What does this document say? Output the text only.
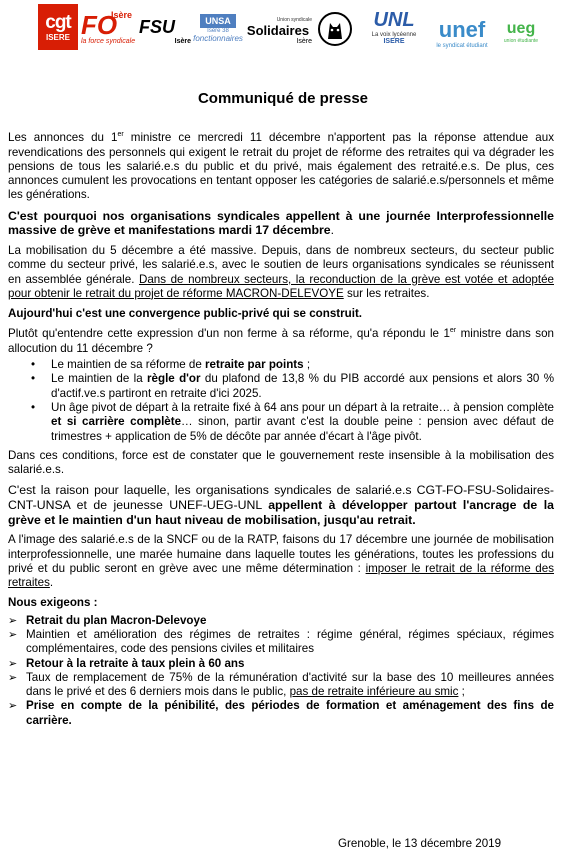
cgt
ISERE FO
Isère
la force syndicale
FSU
Isère
UNSA
Isère 38
fonctionnaires
Union syndicale
Solidaires
Isère
UNL
La voix lycéenne
ISERE unef
le syndicat étudiant
ueg
union étudiante
Communiqué de presse

Les annonces du 1er ministre ce mercredi 11 décembre n'apportent pas la réponse attendue aux revendications des personnels qui exigent le retrait du projet de réforme des retraites qui va dégrader les pensions de tous les salarié.e.s du public et du privé, mais également des retraité.e.s. De plus, ces annonces cumulent les provocations en tentant opposer les catégories de salarié.e.s/personnels et même les générations.

C'est pourquoi nos organisations syndicales appellent à une journée Interprofessionnelle massive de grève et manifestations mardi 17 décembre.

La mobilisation du 5 décembre a été massive. Depuis, dans de nombreux secteurs, du secteur public comme du secteur privé, les salarié.e.s, avec le soutien de leurs organisations syndicales se réunissent en assemblée générale. Dans de nombreux secteurs, la reconduction de la grève est votée et adoptée pour obtenir le retrait du projet de réforme MACRON-DELEVOYE sur les retraites.

Aujourd'hui c'est une convergence public-privé qui se construit.

Plutôt qu'entendre cette expression d'un non ferme à sa réforme, qu'a répondu le 1er ministre dans son allocution du 11 décembre ?

• Le maintien de sa réforme de retraite par points ;
• Le maintien de la règle d'or du plafond de 13,8 % du PIB accordé aux pensions et alors 30 % d'actif.ve.s partiront en retraite d'ici 2025.
• Un âge pivot de départ à la retraite fixé à 64 ans pour un départ à la retraite… à pension complète et si carrière complète… sinon, partir avant c'est la double peine : pension avec défaut de trimestres + application de 5% de décôte par année d'écart à l'âge pivôt.

Dans ces conditions, force est de constater que le gouvernement reste insensible à la mobilisation des salarié.e.s.

C'est la raison pour laquelle, les organisations syndicales de salarié.e.s CGT-FO-FSU-Solidaires-CNT-UNSA et de jeunesse UNEF-UEG-UNL appellent à développer partout l'ancrage de la grève et le maintien d'un haut niveau de mobilisation, jusqu'au retrait.

A l'image des salarié.e.s de la SNCF ou de la RATP, faisons du 17 décembre une journée de mobilisation interprofessionnelle, une marée humaine dans laquelle toutes les générations, toutes les professions du privé et du public seront en grève avec une même détermination : imposer le retrait de la réforme des retraites.

Nous exigeons :

➢ Retrait du plan Macron-Delevoye
➢ Maintien et amélioration des régimes de retraites : régime général, régimes spéciaux, régimes complémentaires, code des pensions civiles et militaires
➢ Retour à la retraite à taux plein à 60 ans
➢ Taux de remplacement de 75% de la rémunération d'activité sur la base des 10 meilleures années dans le privé et des 6 derniers mois dans le public, pas de retraite inférieure au smic ;
➢ Prise en compte de la pénibilité, des périodes de formation et aménagement des fins de carrière.
Grenoble, le 13 décembre 2019
